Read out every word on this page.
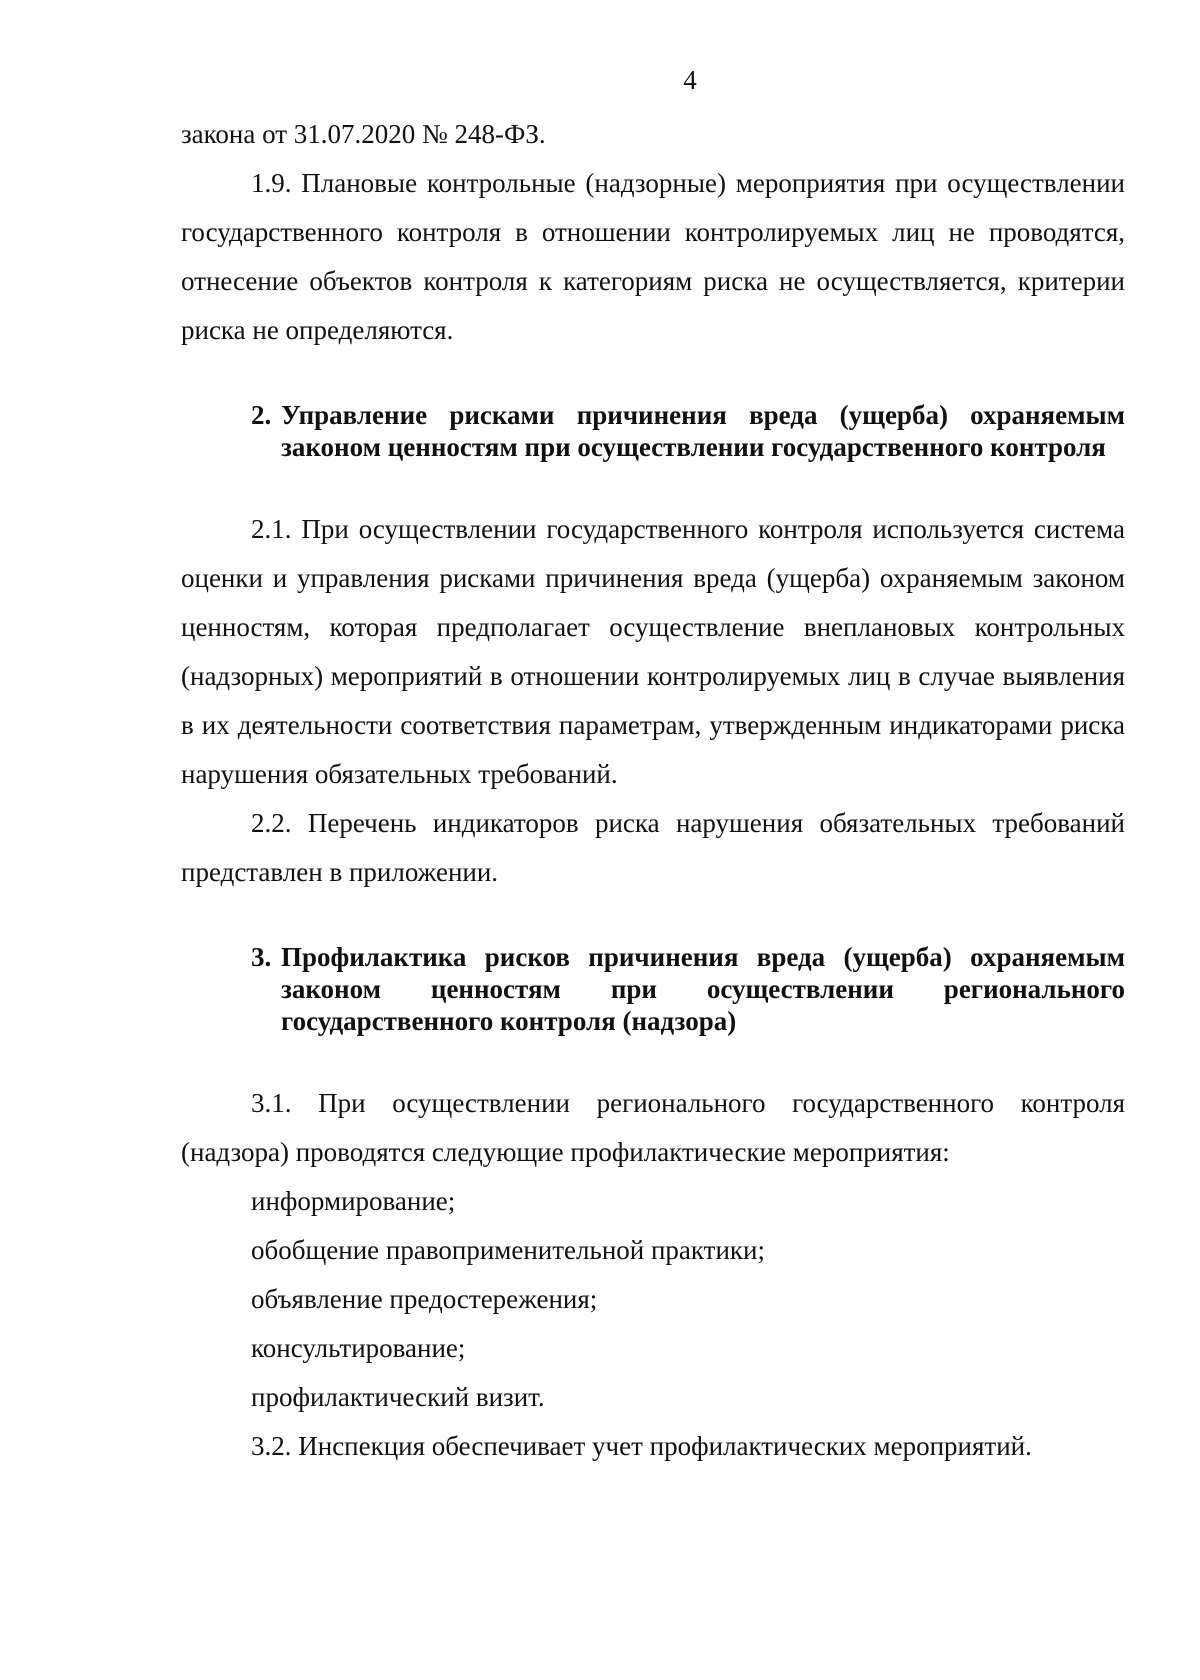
4

закона от 31.07.2020 № 248-ФЗ.

1.9. Плановые контрольные (надзорные) мероприятия при осуществлении государственного контроля в отношении контролируемых лиц не проводятся, отнесение объектов контроля к категориям риска не осуществляется, критерии риска не определяются.

2. Управление рисками причинения вреда (ущерба) охраняемым законом ценностям при осуществлении государственного контроля

2.1. При осуществлении государственного контроля используется система оценки и управления рисками причинения вреда (ущерба) охраняемым законом ценностям, которая предполагает осуществление внеплановых контрольных (надзорных) мероприятий в отношении контролируемых лиц в случае выявления в их деятельности соответствия параметрам, утвержденным индикаторами риска нарушения обязательных требований.

2.2. Перечень индикаторов риска нарушения обязательных требований представлен в приложении.

3. Профилактика рисков причинения вреда (ущерба) охраняемым законом ценностям при осуществлении регионального государственного контроля (надзора)

3.1. При осуществлении регионального государственного контроля (надзора) проводятся следующие профилактические мероприятия:

информирование;

обобщение правоприменительной практики;

объявление предостережения;

консультирование;

профилактический визит.

3.2. Инспекция обеспечивает учет профилактических мероприятий.
